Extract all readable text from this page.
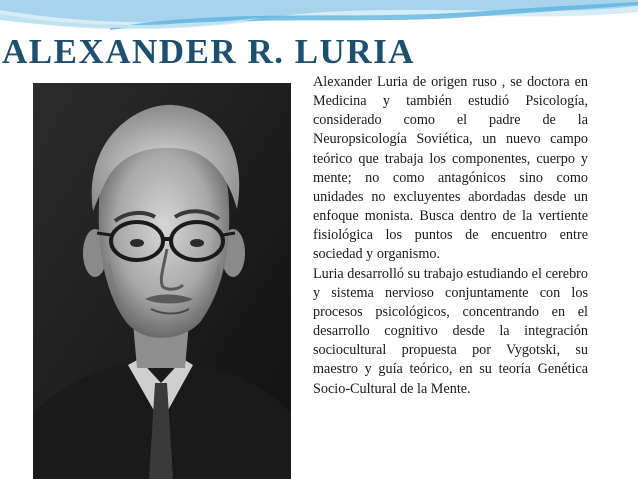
ALEXANDER R. LURIA

Alexander Luria de origen ruso , se doctora en Medicina y también estudió Psicología, considerado como el padre de la Neuropsicología Soviética, un nuevo campo teórico que trabaja los componentes, cuerpo y mente; no como antagónicos sino como unidades no excluyentes abordadas desde un enfoque monista. Busca dentro de la vertiente fisiológica los puntos de encuentro entre sociedad y organismo.

Luria desarrolló su trabajo estudiando el cerebro y sistema nervioso conjuntamente con los procesos psicológicos, concentrando en el desarrollo cognitivo desde la integración sociocultural propuesta por Vygotski, su maestro y guía teórico, en su teoría Genética Socio-Cultural de la Mente.
